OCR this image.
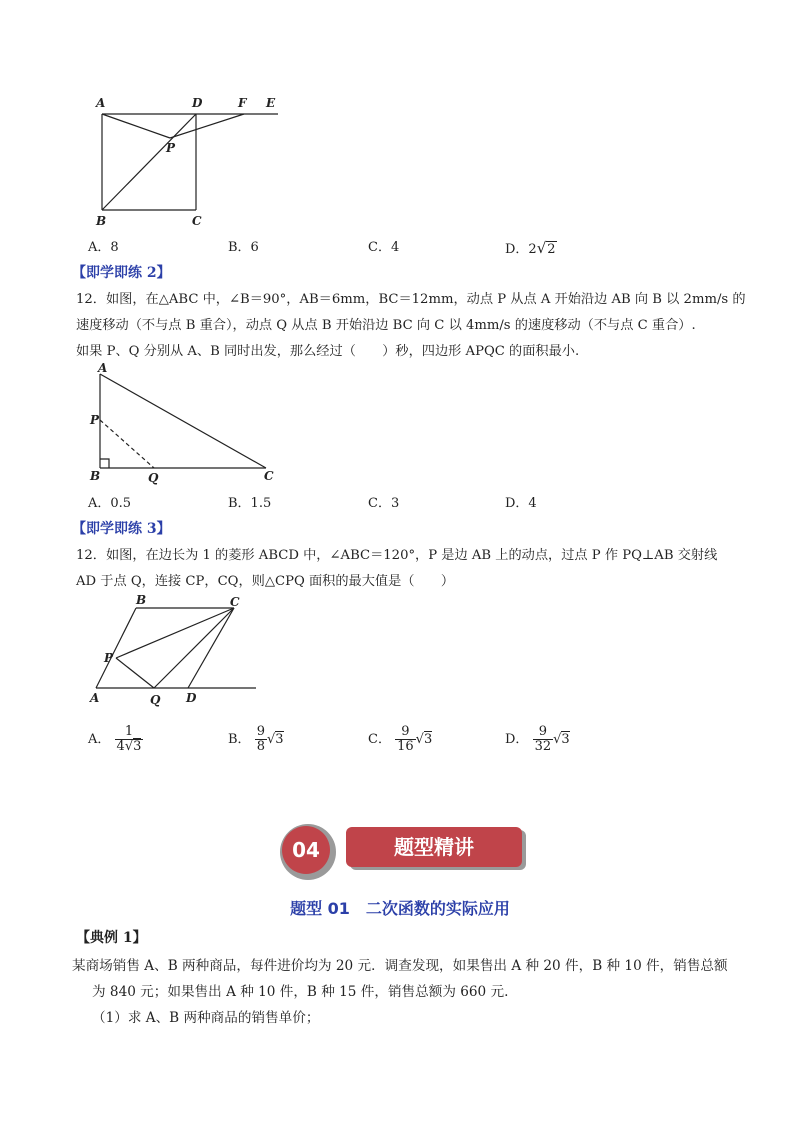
A	D	F E
P
B	C
A．8	B．6	C．4	D．2√2
【即学即练 2】
12．如图，在△ABC 中，∠B＝90°，AB＝6mm，BC＝12mm，动点 P 从点 A 开始沿边 AB 向 B 以 2mm/s 的
速度移动（不与点 B 重合），动点 Q 从点 B 开始沿边 BC 向 C 以 4mm/s 的速度移动（不与点 C 重合）.
如果 P、Q 分别从 A、B 同时出发，那么经过（　　）秒，四边形 APQC 的面积最小.
A
P
B	Q	C
A．0.5	B．1.5	C．3	D．4
【即学即练 3】
12．如图，在边长为 1 的菱形 ABCD 中，∠ABC＝120°，P 是边 AB 上的动点，过点 P 作 PQ⊥AB 交射线
AD 于点 Q，连接 CP，CQ，则△CPQ 面积的最大值是（　　）
B	C
P
A	Q D
A． $\frac{1}{4√3}$	B． $\frac{9}{8} √3$	C． $\frac{9}{16} √3$	D． $\frac{9}{32} √3$
04	题型精讲
题型 01　二次函数的实际应用
【典例 1】
某商场销售 A、B 两种商品，每件进价均为 20 元．调查发现，如果售出 A 种 20 件，B 种 10 件，销售总额
为 840 元；如果售出 A 种 10 件，B 种 15 件，销售总额为 660 元.
（1）求 A、B 两种商品的销售单价；
